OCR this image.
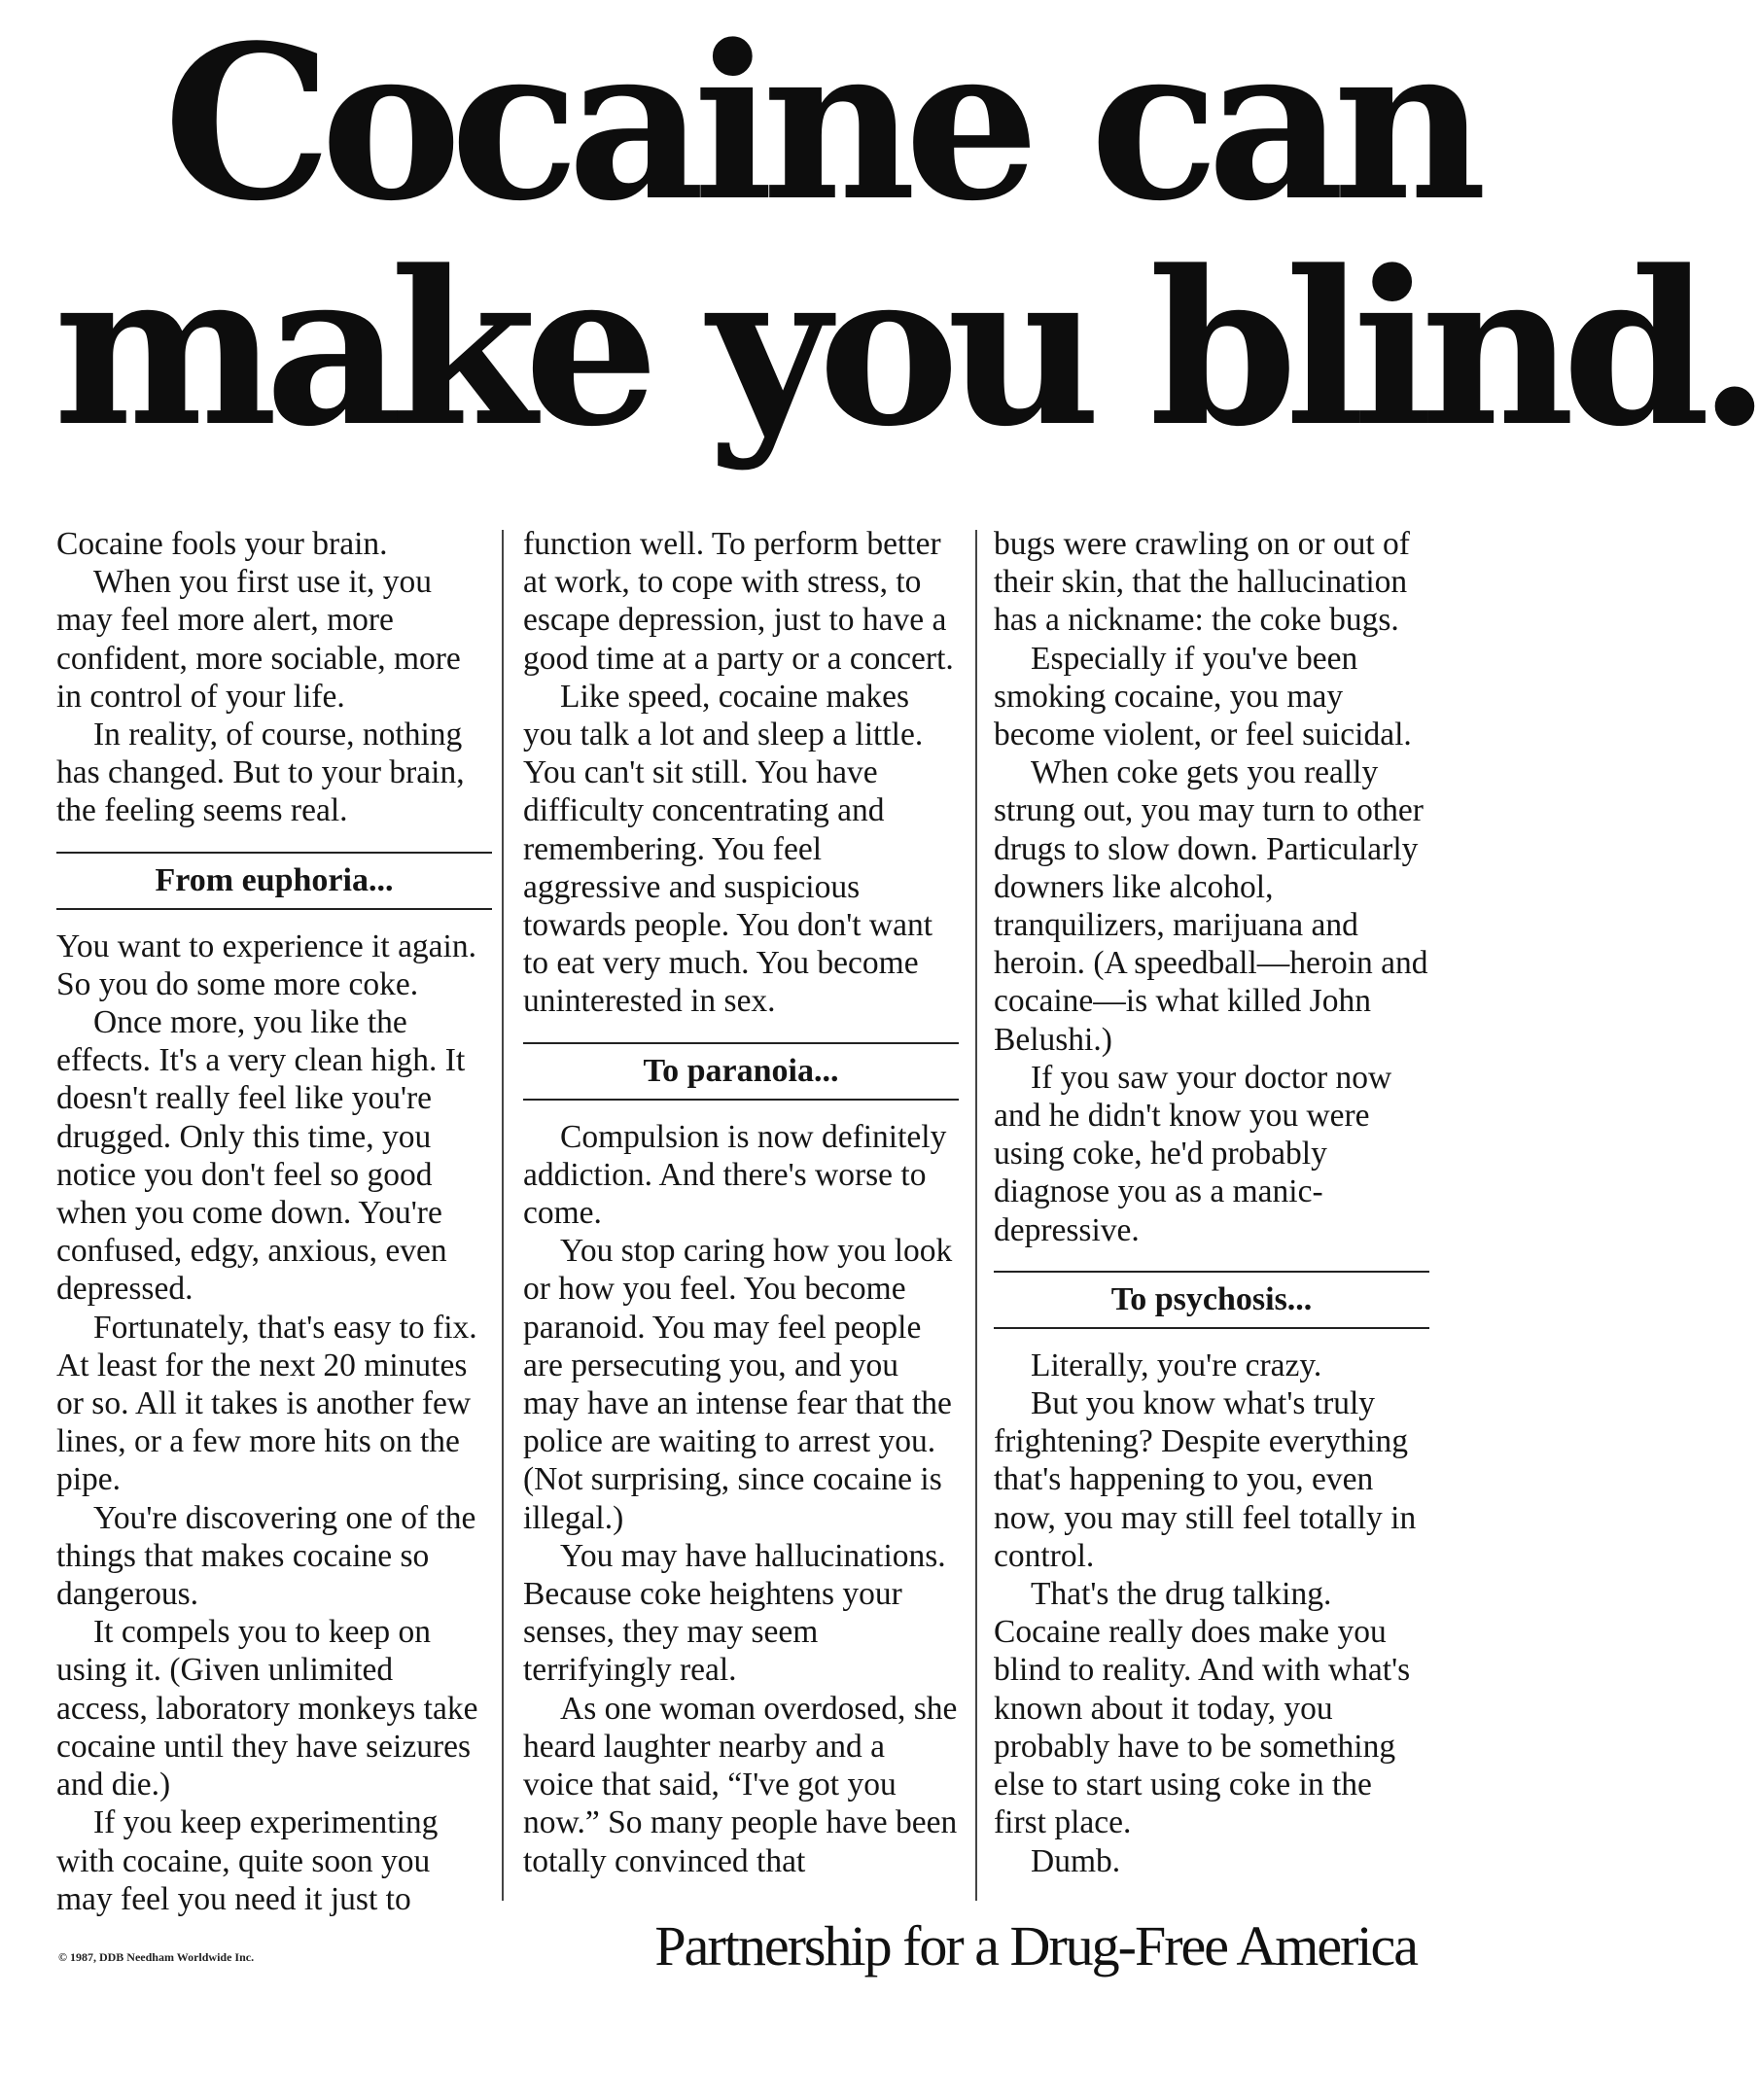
Cocaine can
make you blind.

Cocaine fools your brain.

When you first use it, you may feel more alert, more confident, more sociable, more in control of your life.

In reality, of course, nothing has changed. But to your brain, the feeling seems real.

From euphoria...

You want to experience it again. So you do some more coke.

Once more, you like the effects. It's a very clean high. It doesn't really feel like you're drugged. Only this time, you notice you don't feel so good when you come down. You're confused, edgy, anxious, even depressed.

Fortunately, that's easy to fix. At least for the next 20 minutes or so. All it takes is another few lines, or a few more hits on the pipe.

You're discovering one of the things that makes cocaine so dangerous.

It compels you to keep on using it. (Given unlimited access, laboratory monkeys take cocaine until they have seizures and die.)

If you keep experimenting with cocaine, quite soon you may feel you need it just to

function well. To perform better at work, to cope with stress, to escape depression, just to have a good time at a party or a concert.

Like speed, cocaine makes you talk a lot and sleep a little. You can't sit still. You have difficulty concentrating and remembering. You feel aggressive and suspicious towards people. You don't want to eat very much. You become uninterested in sex.

To paranoia...

Compulsion is now definitely addiction. And there's worse to come.

You stop caring how you look or how you feel. You become paranoid. You may feel people are persecuting you, and you may have an intense fear that the police are waiting to arrest you. (Not surprising, since cocaine is illegal.)

You may have hallucinations. Because coke heightens your senses, they may seem terrifyingly real.

As one woman overdosed, she heard laughter nearby and a voice that said, “I've got you now.” So many people have been totally convinced that

bugs were crawling on or out of their skin, that the hallucination has a nickname: the coke bugs.

Especially if you've been smoking cocaine, you may become violent, or feel suicidal.

When coke gets you really strung out, you may turn to other drugs to slow down. Particularly downers like alcohol, tranquilizers, marijuana and heroin. (A speedball—heroin and cocaine—is what killed John Belushi.)

If you saw your doctor now and he didn't know you were using coke, he'd probably diagnose you as a manic-depressive.

To psychosis...

Literally, you're crazy.

But you know what's truly frightening? Despite everything that's happening to you, even now, you may still feel totally in control.

That's the drug talking. Cocaine really does make you blind to reality. And with what's known about it today, you probably have to be something else to start using coke in the first place.

Dumb.

© 1987, DDB Needham Worldwide Inc.	Partnership for a Drug-Free America
